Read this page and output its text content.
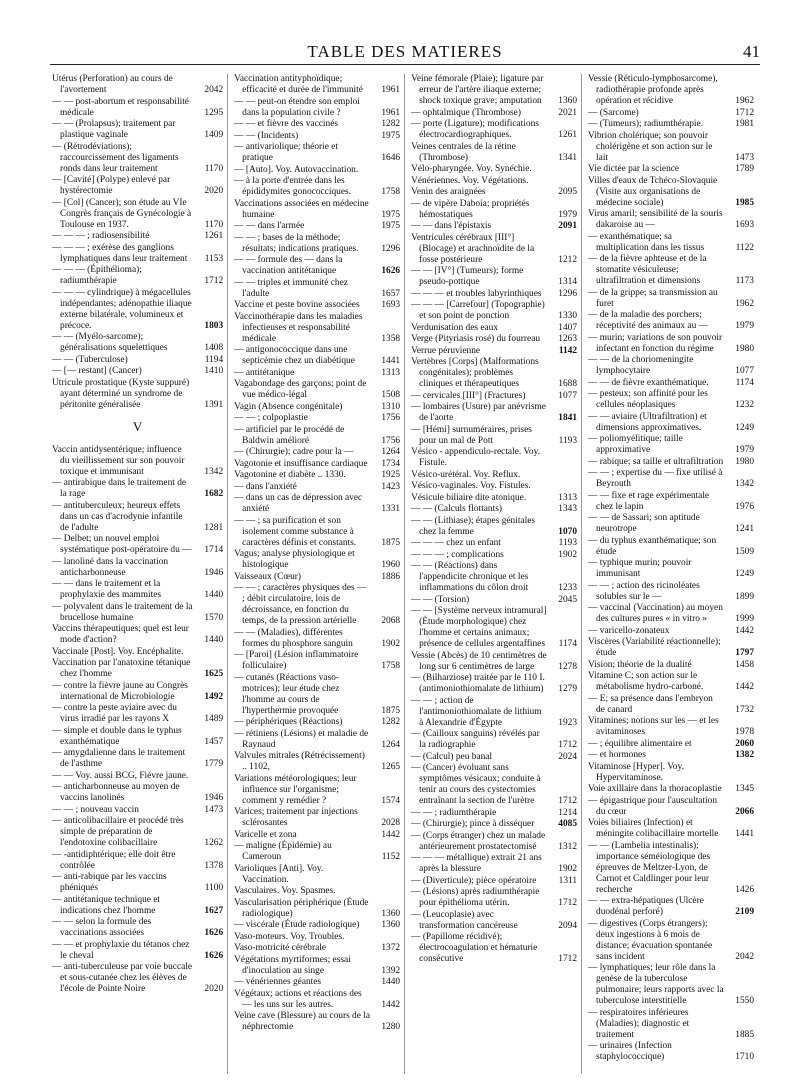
TABLE DES MATIERES	41
Utérus (Perforation) au cours de l'avortement	2042
— — post-abortum et responsabilité médicale	1295
— — (Prolapsus); traitement par plastique vaginale	1409
— (Rétrodéviations); raccourcissement des ligaments ronds dans leur traitement	1170
— [Cavité] (Polype) enlevé par hystérectomie	2020
— [Col] (Cancer); son étude au VIe Congrès français de Gynécologie à Toulouse en 1937.	1170
— — — ; radiosensibilité	1261
— — — ; exérèse des ganglions lymphatiques dans leur traitement	1153
— — — (Épithélioma); radiumthérapie	1712
— — — cylindrique) à mégacellules indépendantes; adénopathie iliaque externe bilatérale, volumineux et précoce.	1803
— — (Myélo-sarcome); généralisations squelettiques	1408
— — (Tuberculose)	1194
— [— restant] (Cancer)	1410
Utricule prostatique (Kyste suppuré) ayant déterminé un syndrome de péritonite généralisée	1391
V
Vaccin antidysentérique; influence du vieillissement sur son pouvoir toxique et immunisant	1342
— antirabique dans le traitement de la rage	1682
— antituberculeux; heureux effets dans un cas d'acrodynie infantile de l'adulte	1281
— Delbet; un nouvel emploi systématique post-opératoire du —	1714
— lanoliné dans la vaccination anticharbonneuse	1946
— — dans le traitement et la prophylaxie des mammites	1440
— polyvalent dans le traitement de la brucellose humaine	1570
Vaccins thérapeutiques; quel est leur mode d'action?	1440
Vaccinale [Post]. Voy. Encéphalite.
Vaccination par l'anatoxine tétanique chez l'homme	1625
— contre la fièvre jaune au Congrès international de Microbiologie	1492
— contre la peste aviaire avec du virus irradié par les rayons X	1489
— simple et double dans le typhus exanthématique	1457
— amygdalienne dans le traitement de l'asthme	1779
— — Voy. aussi BCG, Fièvre jaune.
— anticharbonneuse au moyen de vaccins lanolinés	1946
— — ; nouveau vaccin	1473
— anticolibacillaire et procédé très simple de préparation de l'endotoxine colibacillaire	1262
— -antidiphtérique; elle doit être contrôlée	1378
— anti-rabique par les vaccins phéniqués	1100
— antitétanique technique et indications chez l'homme	1627
— — selon la formule des vaccinations associées	1626
— — et prophylaxie du tétanos chez le cheval	1626
— anti-tuberculeuse par voie buccale et sous-cutanée chez les élèves de l'école de Pointe Noire	2020
Vaccination antityphoïdique; efficacité et durée de l'immunité	1961
— — peut-on étendre son emploi dans la population civile ?	1961
— — et fièvre des vaccinés	1282
— — (Incidents)	1975
— antivariolique; théorie et pratique	1646
— [Auto]. Voy. Autovaccination.
— à la porte d'entrée dans les épididymites gonococciques.	1758
Vaccinations associées en médecine humaine	1975
— — dans l'armée	1975
— — ; bases de la méthode; résultats; indications pratiques.	1296
— — formule des — dans la vaccination antitétanique	1626
— — triples et immunité chez l'adulte	1657
Vaccine et peste bovine associées	1693
Vaccinothérapie dans les maladies infectieuses et responsabilité médicale	1358
— antigonococcique dans une septicémie chez un diabétique	1441
— antitétanique	1313
Vagabondage des garçons; point de vue médico-légal	1508
Vagin (Absence congénitale)	1310
— — ; colpoplastie	1756
— artificiel par le procédé de Baldwin amélioré	1756
— (Chirurgie); cadre pour la —	1264
Vagotonie et insuffisance cardiaque	1734
Vagotonine et diabète .. 1330.	1925
— dans l'anxiété	1423
— dans un cas de dépression avec anxiété	1331
— — ; sa purification et son isolement comme substance à caractères définis et constants.	1875
Vagus; analyse physiologique et histologique	1960
Vaisseaux (Cœur)	1886
— — ; caractères physiques des — ; débit circulatoire, lois de décroissance, en fonction du temps, de la pression artérielle	2068
— — (Maladies), différentes formes du phosphore sanguin	1902
— [Paroi] (Lésion inflammatoire folliculaire)	1758
— cutanés (Réactions vaso-motrices); leur étude chez l'homme au cours de l'hyperthermie provoquée	1875
— périphériques (Réactions)	1282
— rétiniens (Lésions) et maladie de Raynaud	1264
Valvules mitrales (Rétrécissement) .. 1102,	1265
Variations météorologiques; leur influence sur l'organisme; comment y remédier ?	1574
Varices; traitement par injections sclérosantes	2028
Varicelle et zona	1442
— maligne (Épidémie) au Cameroun	1152
Varioliques [Anti]. Voy. Vaccination.
Vasculaires. Voy. Spasmes.
Vascularisation périphérique (Étude radiologique)	1360
— viscérale (Étude radiologique)	1360
Vaso-moteurs. Voy. Troubles.
Vaso-motricité cérébrale	1372
Végétations myrtiformes; essai d'inoculation au singe	1392
— vénériennes géantes	1440
Végétaux; actions et réactions des — les uns sur les autres.	1442
Veine cave (Blessure) au cours de la néphrectomie	1280
Veine fémorale (Plaie); ligature par erreur de l'artère iliaque externe; shock toxique grave; amputation	1360
— ophtalmique (Thrombose)	2021
— porte (Ligature); modifications électrocardiographiques.	1261
Veines centrales de la rétine (Thrombose)	1341
Vélo-pharyngée. Voy. Synéchie.
Vénériennes. Voy. Végétations.
Venin des araignées	2095
— de vipère Daboia; propriétés hémostatiques	1979
— — dans l'épistaxis	2091
Ventricules cérébraux [III°] (Blocage) et arachnoïdite de la fosse postérieure	1212
— — [IV°] (Tumeurs); forme pseudo-pottique	1314
— — — et troubles labyrinthiques	1296
— — — [Carrefour] (Topographie) et son point de ponction	1330
Verdunisation des eaux	1407
Verge (Pityriasis rosé) du fourreau	1263
Verrue péruvienne	1142
Vertèbres [Corps] (Malformations congénitales); problèmes cliniques et thérapeutiques	1688
— cervicales [III°] (Fractures)	1077
— lombaires (Usure) par anévrisme de l'aorte	1841
— [Hémi] surnuméraires, prises pour un mal de Pott	1193
Vésico - appendiculo-rectale. Voy. Fistule.
Vésico-urétéral. Voy. Reflux.
Vésico-vaginales. Voy. Fistules.
Vésicule biliaire dite atonique.	1313
— — (Calculs flottants)	1343
— — (Lithiase); étapes génitales chez la femme	1070
— — — chez un enfant	1193
— — — ; complications	1902
— — (Réactions) dans l'appendicite chronique et les inflammations du côlon droit	1233
— — (Torsion)	2045
— — [Système nerveux intramural] (Étude morphologique) chez l'homme et certains animaux; présence de cellules argentaffines	1174
Vessie (Abcès) de 10 centimètres de long sur 6 centimètres de large	1278
— (Bilharziose) traitée par le 110 I. (antimoniothiomalate de lithium)	1279
— — ; action de l'antimoniothiomalate de lithium à Alexandrie d'Égypte	1923
— (Cailloux sanguins) révélés par la radiographie	1712
— (Calcul) peu banal	2024
— (Cancer) évoluant sans symptômes vésicaux; conduite à tenir au cours des cystectomies entraînant la section de l'urètre	1712
— — ; radiumthérapie	1214
— (Chirurgie); pince à disséquer	4085
— (Corps étranger) chez un malade antérieurement prostatectomisé	1312
— — — métallique) extrait 21 ans après la blessure	1902
— (Diverticule); pièce opératoire	1311
— (Lésions) après radiumthérapie pour épithélioma utérin.	1712
— (Leucoplasie) avec transformation cancéreuse	2094
— (Papillome récidivé); électrocoagulation et hématurie consécutive	1712
Vessie (Réticulo-lymphosarcome), radiothérapie profonde après opération et récidive	1962
— (Sarcome)	1712
— (Tumeurs); radiumthérapie.	1981
Vibrion cholérique; son pouvoir cholérigène et son action sur le lait	1473
Vie dictée par la science	1789
Villes d'eaux de Tchéco-Slovaquie (Visite aux organisations de médecine sociale)	1985
Virus amaril; sensibilité de la souris dakaroise au —	1693
— exanthématique; sa multiplication dans les tissus	1122
— de la fièvre aphteuse et de la stomatite vésiculeuse; ultrafiltration et dimensions	1173
— de la grippe; sa transmission au furet	1962
— de la maladie des porchers; réceptivité des animaux au —	1979
— murin; variations de son pouvoir infectant en fonction du régime	1980
— — de la choriomeningite lymphocytaire	1077
— — de fièvre exanthématique.	1174
— pesteux; son affinité pour les cellules néoplasiques	1232
— — aviaire (Ultrafiltration) et dimensions approximatives.	1249
— poliomyélitique; taille approximative	1979
— rabique; sa taille et ultrafiltration	1980
— — ; expertise du — fixe utilisé à Beyrouth	1342
— — fixe et rage expérimentale chez le lapin	1976
— — de Sassari; son aptitude neurotrope	1241
— du typhus exanthématique; son étude	1509
— typhique murin; pouvoir immunisant	1249
— — ; action des ricinoléates solubles sur le —	1899
— vaccinal (Vaccination) au moyen des cultures pures « in vitro »	1999
— varicello-zonateux	1442
Viscères (Variabilité réactionnelle); étude	1797
Vision; théorie de la dualité	1458
Vitamine C; son action sur le métabolisme hydro-carboné.	1442
— E; sa présence dans l'embryon de canard	1732
Vitamines; notions sur les — et les avitaminoses	1978
— ; équilibre alimentaire et	2060
— et hormones	1382
Vitaminose [Hyper]. Voy. Hypervitaminose.
Voie axillaire dans la thoracoplastie	1345
— épigastrique pour l'auscultation du cœur	2066
Voies biliaires (Infection) et méningite colibacillaire mortelle	1441
— — (Lambelia intestinalis); importance séméiologique des épreuves de Meltzer-Lyon, de Carnot et Caldlinger pour leur recherche	1426
— — extra-hépatiques (Ulcère duodénal perforé)	2109
— digestives (Corps étrangers); deux ingestions à 6 mois de distance; évacuation spontanée sans incident	2042
— lymphatiques; leur rôle dans la genèse de la tuberculose pulmonaire; leurs rapports avec la tuberculose interstitielle	1550
— respiratoires inférieures (Maladies); diagnostic et traitement	1885
— urinaires (Infection staphylococcique)	1710
